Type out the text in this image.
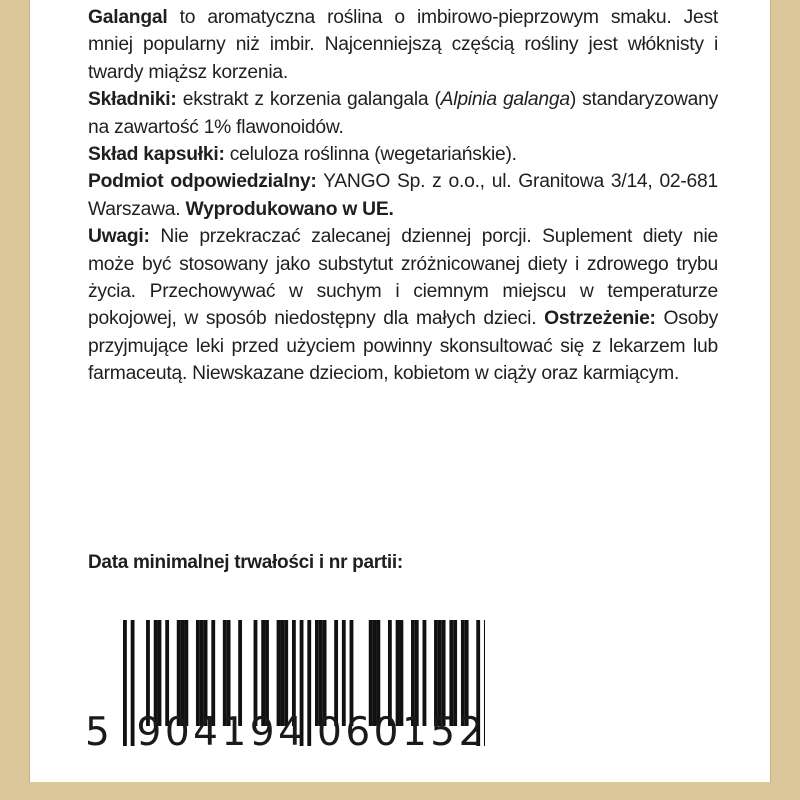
Galangal to aromatyczna roślina o imbirowo-pieprzowym smaku. Jest mniej popularny niż imbir. Najcenniejszą częścią rośliny jest włóknisty i twardy miąższ korzenia.

Składniki: ekstrakt z korzenia galangala (Alpinia galanga) standaryzowany na zawartość 1% flawonoidów.

Skład kapsułki: celuloza roślinna (wegetariańskie).

Podmiot odpowiedzialny: YANGO Sp. z o.o., ul. Granitowa 3/14, 02-681 Warszawa. Wyprodukowano w UE.

Uwagi: Nie przekraczać zalecanej dziennej porcji. Suplement diety nie może być stosowany jako substytut zróżnicowanej diety i zdrowego trybu życia. Przechowywać w suchym i ciemnym miejscu w temperaturze pokojowej, w sposób niedostępny dla małych dzieci. Ostrzeżenie: Osoby przyjmujące leki przed użyciem powinny skonsultować się z lekarzem lub farmaceutą. Niewskazane dzieciom, kobietom w ciąży oraz karmiącym.

Data minimalnej trwałości i nr partii:
5 904194 060152
